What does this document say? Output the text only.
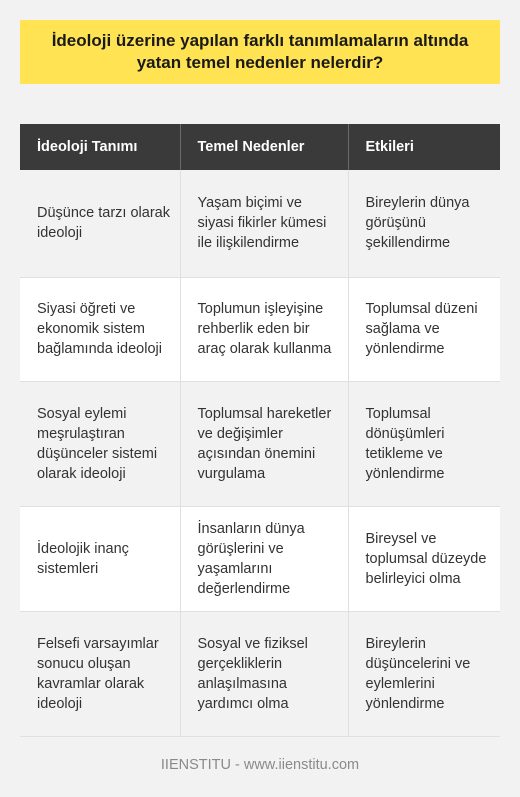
İdeoloji üzerine yapılan farklı tanımlamaların altında yatan temel nedenler nelerdir?
İdeoloji Tanımı	Temel Nedenler	Etkileri
Düşünce tarzı olarak ideoloji	Yaşam biçimi ve siyasi fikirler kümesi ile ilişkilendirme	Bireylerin dünya görüşünü şekillendirme
Siyasi öğreti ve ekonomik sistem bağlamında ideoloji	Toplumun işleyişine rehberlik eden bir araç olarak kullanma	Toplumsal düzeni sağlama ve yönlendirme
Sosyal eylemi meşrulaştıran düşünceler sistemi olarak ideoloji	Toplumsal hareketler ve değişimler açısından önemini vurgulama	Toplumsal dönüşümleri tetikleme ve yönlendirme
İdeolojik inanç sistemleri	İnsanların dünya görüşlerini ve yaşamlarını değerlendirme	Bireysel ve toplumsal düzeyde belirleyici olma
Felsefi varsayımlar sonucu oluşan kavramlar olarak ideoloji	Sosyal ve fiziksel gerçekliklerin anlaşılmasına yardımcı olma	Bireylerin düşüncelerini ve eylemlerini yönlendirme
IIENSTITU - www.iienstitu.com
